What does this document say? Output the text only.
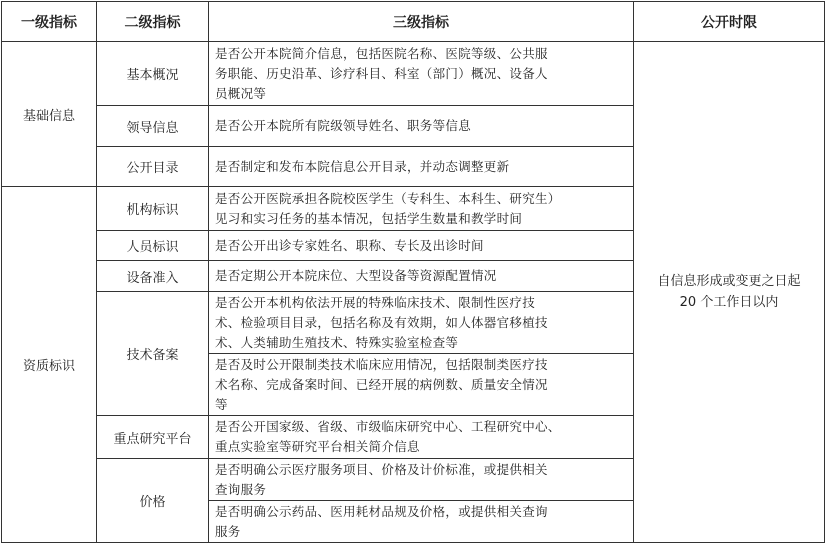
一级指标	二级指标	三级指标	公开时限
基础信息	基本概况	是否公开本院简介信息，包括医院名称、医院等级、公共服
务职能、历史沿革、诊疗科目、科室（部门）概况、设备人
员概况等	自信息形成或变更之日起
20 个工作日以内

	领导信息	是否公开本院所有院级领导姓名、职务等信息	

	公开目录	是否制定和发布本院信息公开目录，并动态调整更新	

资质标识	机构标识	是否公开医院承担各院校医学生（专科生、本科生、研究生）
见习和实习任务的基本情况，包括学生数量和教学时间	

	人员标识	是否公开出诊专家姓名、职称、专长及出诊时间	

	设备准入	是否定期公开本院床位、大型设备等资源配置情况	

	技术备案	是否公开本机构依法开展的特殊临床技术、限制性医疗技
术、检验项目目录，包括名称及有效期，如人体器官移植技
术、人类辅助生殖技术、特殊实验室检查等	

		是否及时公开限制类技术临床应用情况，包括限制类医疗技
术名称、完成备案时间、已经开展的病例数、质量安全情况
等	

	重点研究平台	是否公开国家级、省级、市级临床研究中心、工程研究中心、
重点实验室等研究平台相关简介信息	

	价格	是否明确公示医疗服务项目、价格及计价标准，或提供相关
查询服务	

		是否明确公示药品、医用耗材品规及价格，或提供相关查询
服务	
